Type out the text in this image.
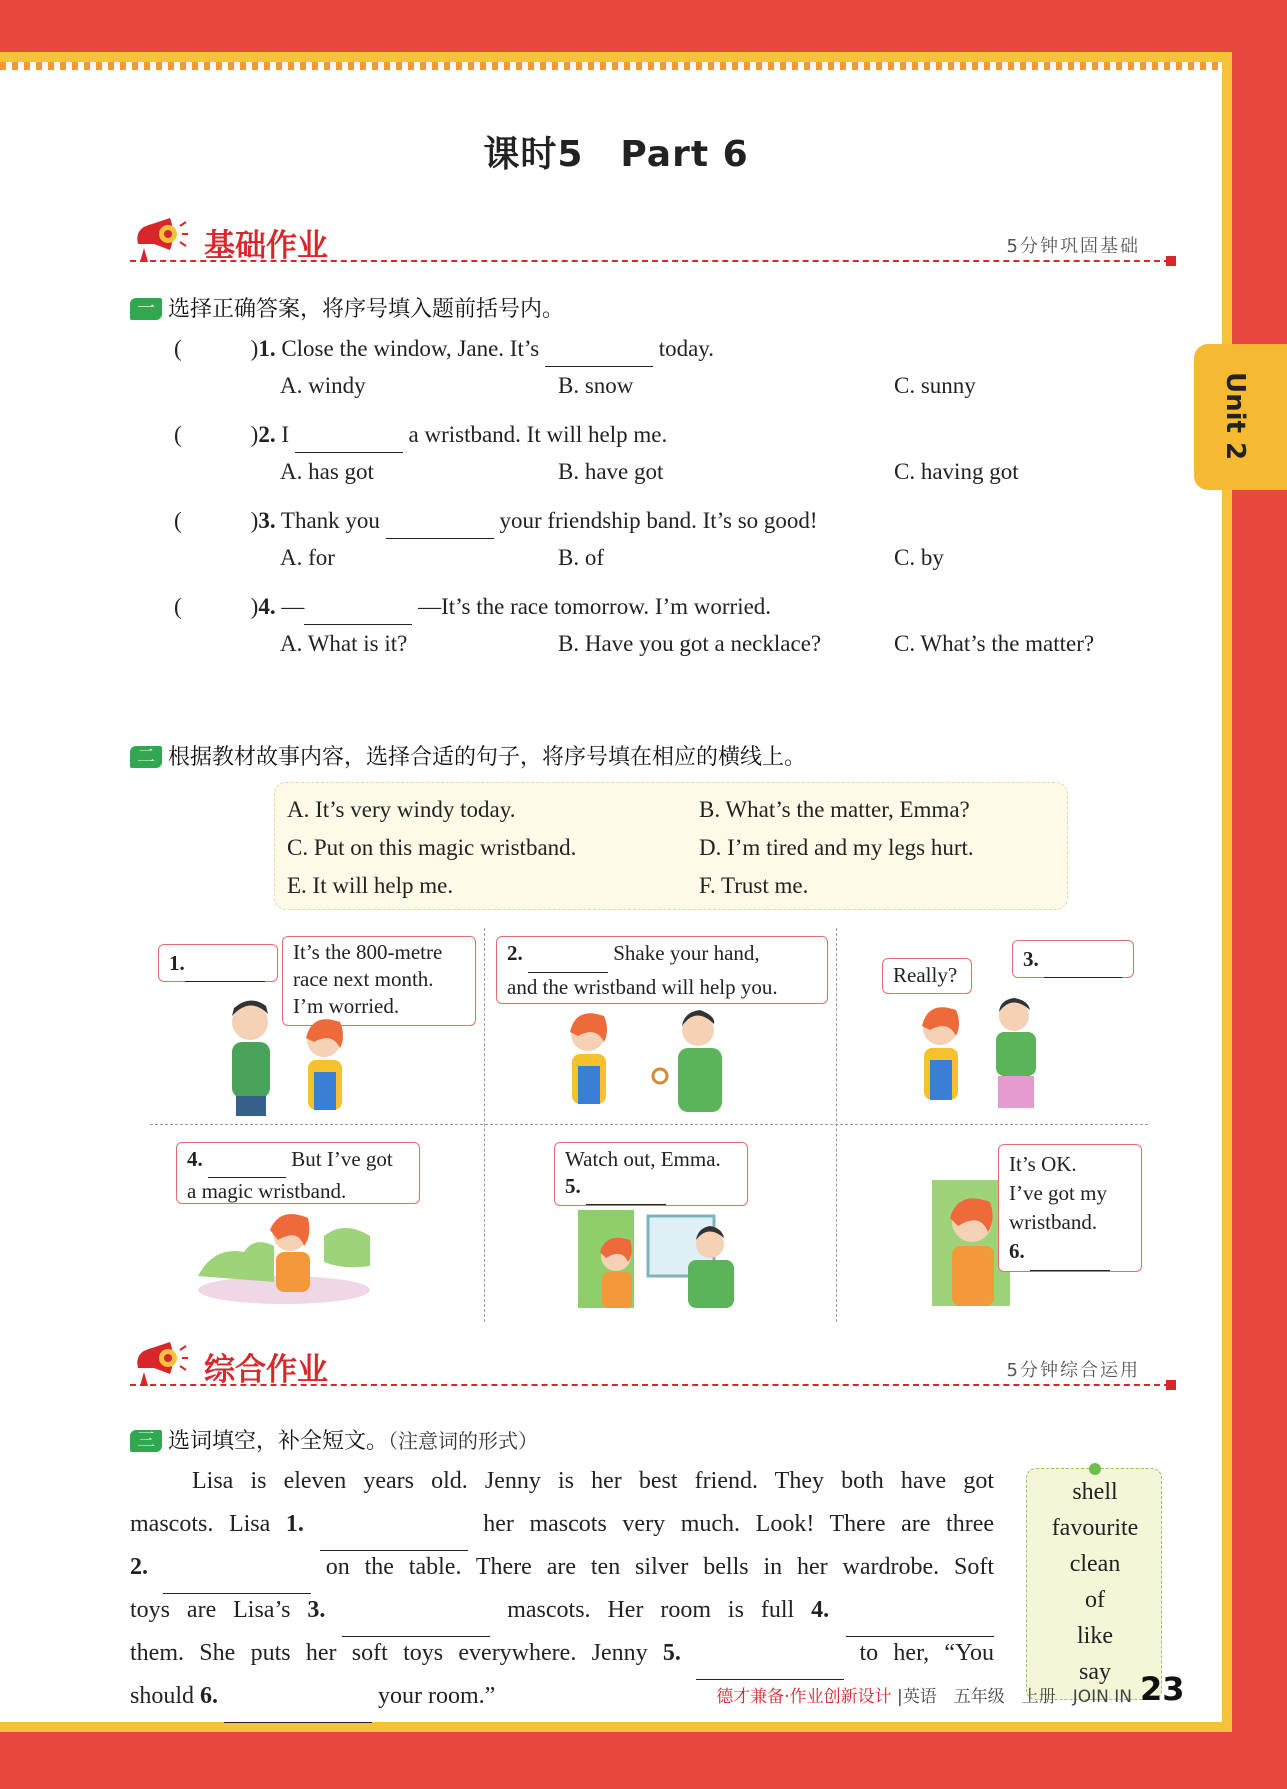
课时5　Part 6
基础作业	5分钟巩固基础
一 选择正确答案，将序号填入题前括号内。
(　　　)1. Close the window, Jane. It’s	today.
A. windy	B. snow	C. sunny
(　　　)2. I	a wristband. It will help me.
A. has got	B. have got	C. having got
(　　　)3. Thank you	your friendship band. It’s so good!
A. for	B. of	C. by
(　　　)4. —	—It’s the race tomorrow. I’m worried.
A. What is it?	B. Have you got a necklace?	C. What’s the matter?
二 根据教材故事内容，选择合适的句子，将序号填在相应的横线上。
A. It’s very windy today.	B. What’s the matter, Emma?
C. Put on this magic wristband.	D. I’m tired and my legs hurt.
E. It will help me.	F. Trust me.
1.	It’s the 800-metre
race next month.
I’m worried.
2.	Shake your hand,
and the wristband will help you.	Really?
3.
4.	But I’ve got
a magic wristband.
Watch out, Emma.
5.
It’s OK.
I’ve got my
wristband.
6.
综合作业	5分钟综合运用
三 选词填空，补全短文。（注意词的形式）
Lisa is eleven years old. Jenny is her best friend. They both have got
mascots. Lisa 1.	her mascots very much. Look! There are three
2.	on the table. There are ten silver bells in her wardrobe. Soft
toys are Lisa’s 3.	mascots. Her room is full 4.
them. She puts her soft toys everywhere. Jenny 5.	to her, “You
should 6.	your room.”
shell
favourite
clean
of
like
say
德才兼备·作业创新设计 |英语　五年级　上册　JOIN IN 23
Unit 2
